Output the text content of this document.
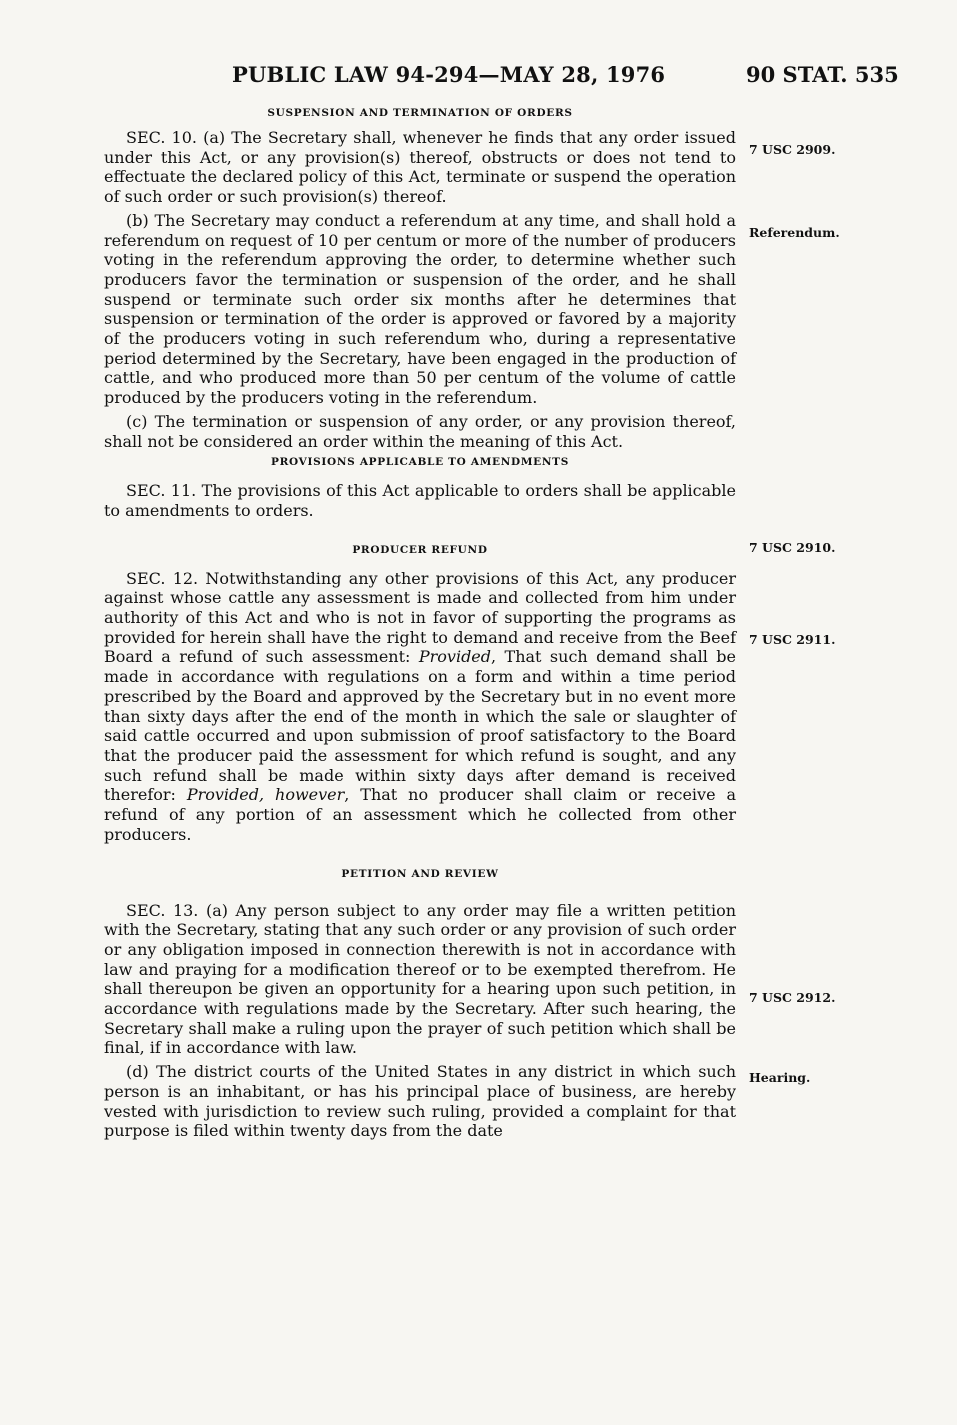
PUBLIC LAW 94-294—MAY 28, 1976	90 STAT. 535
7 USC 2909.
Referendum.
7 USC 2910.
7 USC 2911.
7 USC 2912.
Hearing.
SUSPENSION AND TERMINATION OF ORDERS

SEC. 10. (a) The Secretary shall, whenever he finds that any order issued under this Act, or any provision(s) thereof, obstructs or does not tend to effectuate the declared policy of this Act, terminate or suspend the operation of such order or such provision(s) thereof.

(b) The Secretary may conduct a referendum at any time, and shall hold a referendum on request of 10 per centum or more of the number of producers voting in the referendum approving the order, to determine whether such producers favor the termination or suspension of the order, and he shall suspend or terminate such order six months after he determines that suspension or termination of the order is approved or favored by a majority of the producers voting in such referendum who, during a representative period determined by the Secretary, have been engaged in the production of cattle, and who produced more than 50 per centum of the volume of cattle produced by the producers voting in the referendum.

(c) The termination or suspension of any order, or any provision thereof, shall not be considered an order within the meaning of this Act.

PROVISIONS APPLICABLE TO AMENDMENTS

SEC. 11. The provisions of this Act applicable to orders shall be applicable to amendments to orders.

PRODUCER REFUND

SEC. 12. Notwithstanding any other provisions of this Act, any producer against whose cattle any assessment is made and collected from him under authority of this Act and who is not in favor of supporting the programs as provided for herein shall have the right to demand and receive from the Beef Board a refund of such assessment: Provided, That such demand shall be made in accordance with regulations on a form and within a time period prescribed by the Board and approved by the Secretary but in no event more than sixty days after the end of the month in which the sale or slaughter of said cattle occurred and upon submission of proof satisfactory to the Board that the producer paid the assessment for which refund is sought, and any such refund shall be made within sixty days after demand is received therefor: Provided, however, That no producer shall claim or receive a refund of any portion of an assessment which he collected from other producers.

PETITION AND REVIEW

SEC. 13. (a) Any person subject to any order may file a written petition with the Secretary, stating that any such order or any provision of such order or any obligation imposed in connection therewith is not in accordance with law and praying for a modification thereof or to be exempted therefrom. He shall thereupon be given an opportunity for a hearing upon such petition, in accordance with regulations made by the Secretary. After such hearing, the Secretary shall make a ruling upon the prayer of such petition which shall be final, if in accordance with law.

(d) The district courts of the United States in any district in which such person is an inhabitant, or has his principal place of business, are hereby vested with jurisdiction to review such ruling, provided a complaint for that purpose is filed within twenty days from the date
